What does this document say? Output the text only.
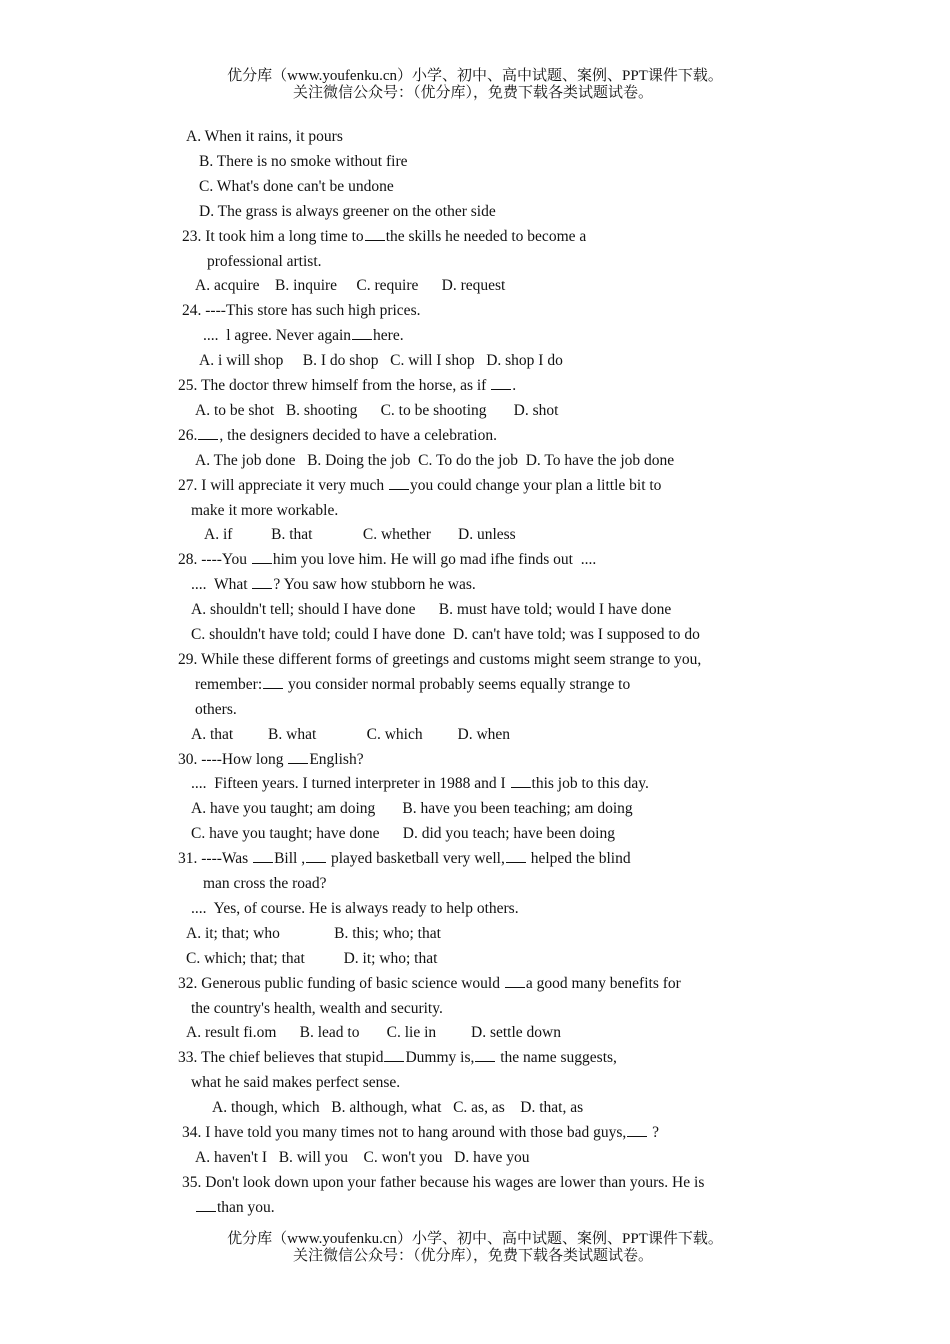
优分库（www.youfenku.cn）小学、初中、高中试题、案例、PPT课件下载。
关注微信公众号：（优分库），免费下载各类试题试卷。
A. When it rains, it pours
B. There is no smoke without fire
C. What's done can't be undone
D. The grass is always greener on the other side
23. It took him a long time to the skills he needed to become a
professional artist.
A. acquire    B. inquire     C. require      D. request
24. ----This store has such high prices.
....  l agree. Never again here.
A. i will shop     B. I do shop   C. will I shop   D. shop I do
25. The doctor threw himself from the horse, as if .
A. to be shot   B. shooting      C. to be shooting       D. shot
26. , the designers decided to have a celebration.
A. The job done   B. Doing the job  C. To do the job  D. To have the job done
27. I will appreciate it very much you could change your plan a little bit to
make it more workable.
A. if          B. that             C. whether       D. unless
28. ----You him you love him. He will go mad ifhe finds out  ....
....  What ? You saw how stubborn he was.
A. shouldn't tell; should I have done      B. must have told; would I have done
C. shouldn't have told; could I have done  D. can't have told; was I supposed to do
29. While these different forms of greetings and customs might seem strange to you,
remember: you consider normal probably seems equally strange to
others.
A. that         B. what             C. which         D. when
30. ----How long English?
....  Fifteen years. I turned interpreter in 1988 and I this job to this day.
A. have you taught; am doing       B. have you been teaching; am doing
C. have you taught; have done      D. did you teach; have been doing
31. ----Was Bill , played basketball very well, helped the blind
man cross the road?
....  Yes, of course. He is always ready to help others.
A. it; that; who              B. this; who; that
C. which; that; that          D. it; who; that
32. Generous public funding of basic science would a good many benefits for
the country's health, wealth and security.
A. result fi.om      B. lead to       C. lie in         D. settle down
33. The chief believes that stupid Dummy is, the name suggests,
what he said makes perfect sense.
A. though, which   B. although, what   C. as, as    D. that, as
34. I have told you many times not to hang around with those bad guys, ?
A. haven't I   B. will you    C. won't you   D. have you
35. Don't look down upon your father because his wages are lower than yours. He is
than you.
优分库（www.youfenku.cn）小学、初中、高中试题、案例、PPT课件下载。
关注微信公众号：（优分库），免费下载各类试题试卷。
